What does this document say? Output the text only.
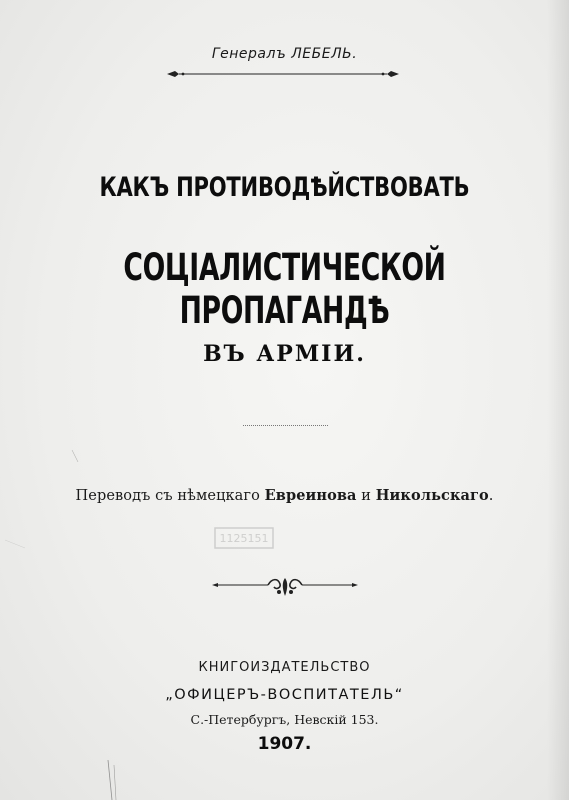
Генералъ ЛЕБЕЛЬ.
КАКЪ ПРОТИВОДѢЙСТВОВАТЬ
СОЦІАЛИСТИЧЕСКОЙ ПРОПАГАНДѢ
ВЪ АРМІИ.
Переводъ съ нѣмецкаго Евреинова и Никольскаго.
1125151
КНИГОИЗДАТЕЛЬСТВО
„ОФИЦЕРЪ-ВОСПИТАТЕЛЬ“
С.-Петербургъ, Невскій 153.
1907.
